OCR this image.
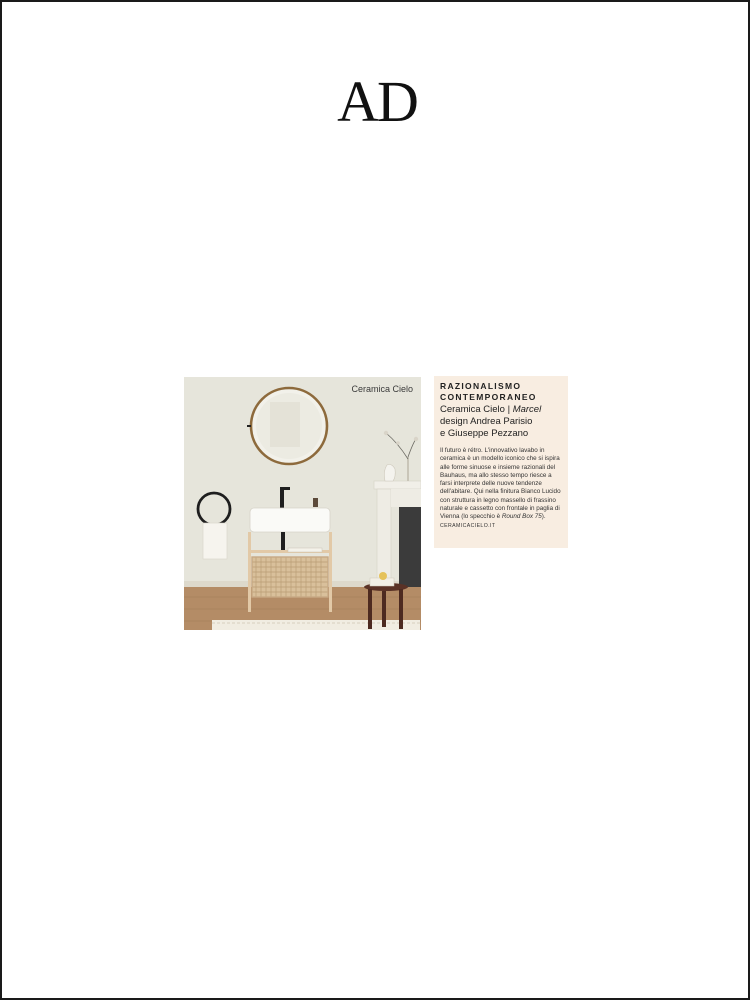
AD
Ceramica Cielo	RAZIONALISMO
CONTEMPORANEO
Ceramica Cielo | Marcel
design Andrea Parisio
e Giuseppe Pezzano
Il futuro è rétro. L'innovativo lavabo in ceramica è un modello iconico che si ispira alle forme sinuose e insieme razionali del Bauhaus, ma allo stesso tempo riesce a farsi interprete delle nuove tendenze dell'abitare. Qui nella finitura Bianco Lucido con struttura in legno massello di frassino naturale e cassetto con frontale in paglia di Vienna (lo specchio è Round Box 75). CERAMICACIELO.IT
